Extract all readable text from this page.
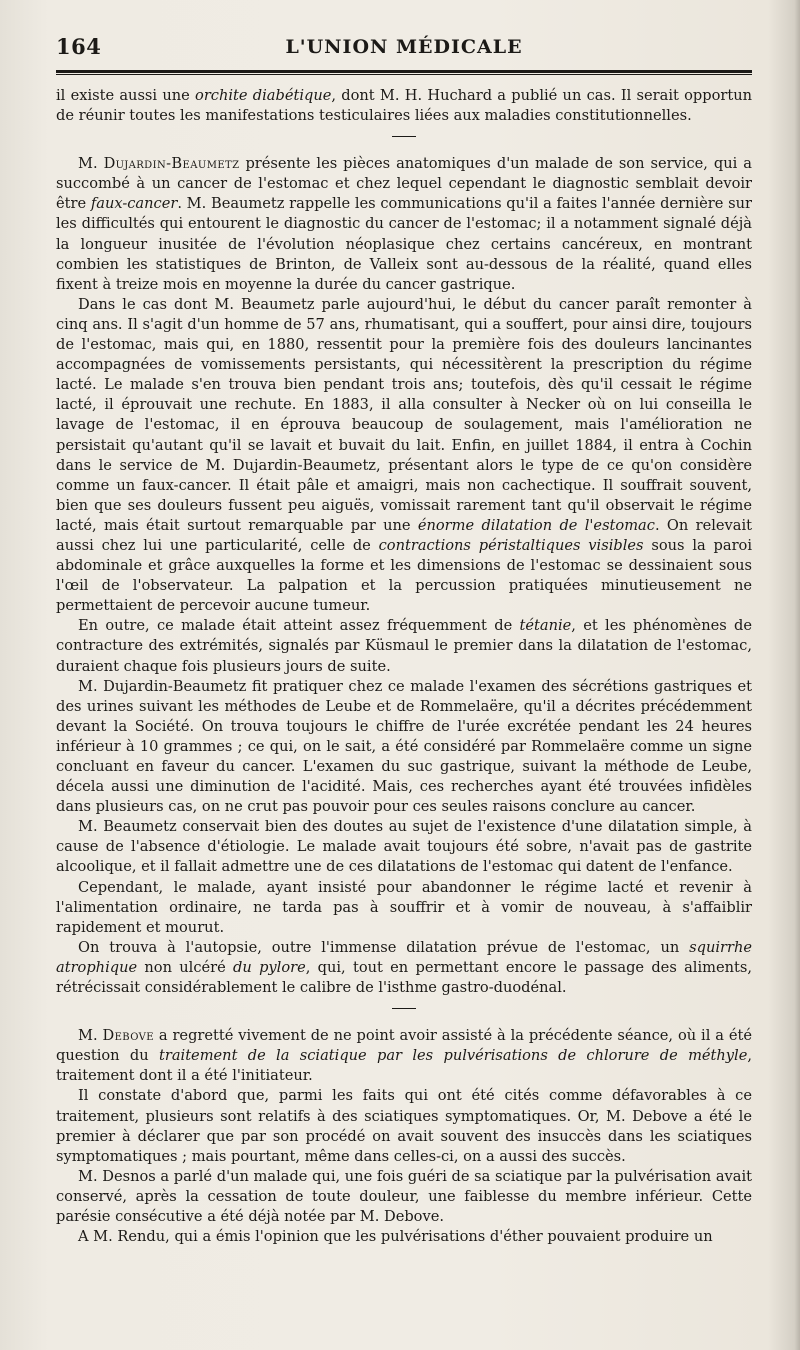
164	L'UNION MÉDICALE

il existe aussi une orchite diabétique, dont M. H. Huchard a publié un cas. Il serait opportun de réunir toutes les manifestations testiculaires liées aux maladies constitutionnelles.

M. Dujardin-Beaumetz présente les pièces anatomiques d'un malade de son service, qui a succombé à un cancer de l'estomac et chez lequel cependant le diagnostic semblait devoir être faux-cancer. M. Beaumetz rappelle les communications qu'il a faites l'année dernière sur les difficultés qui entourent le diagnostic du cancer de l'estomac; il a notamment signalé déjà la longueur inusitée de l'évolution néoplasique chez certains cancéreux, en montrant combien les statistiques de Brinton, de Valleix sont au-dessous de la réalité, quand elles fixent à treize mois en moyenne la durée du cancer gastrique.

Dans le cas dont M. Beaumetz parle aujourd'hui, le début du cancer paraît remonter à cinq ans. Il s'agit d'un homme de 57 ans, rhumatisant, qui a souffert, pour ainsi dire, toujours de l'estomac, mais qui, en 1880, ressentit pour la première fois des douleurs lancinantes accompagnées de vomissements persistants, qui nécessitèrent la prescription du régime lacté. Le malade s'en trouva bien pendant trois ans; toutefois, dès qu'il cessait le régime lacté, il éprouvait une rechute. En 1883, il alla consulter à Necker où on lui conseilla le lavage de l'estomac, il en éprouva beaucoup de soulagement, mais l'amélioration ne persistait qu'autant qu'il se lavait et buvait du lait. Enfin, en juillet 1884, il entra à Cochin dans le service de M. Dujardin-Beaumetz, présentant alors le type de ce qu'on considère comme un faux-cancer. Il était pâle et amaigri, mais non cachectique. Il souffrait souvent, bien que ses douleurs fussent peu aiguës, vomissait rarement tant qu'il observait le régime lacté, mais était surtout remarquable par une énorme dilatation de l'estomac. On relevait aussi chez lui une particularité, celle de contractions péristaltiques visibles sous la paroi abdominale et grâce auxquelles la forme et les dimensions de l'estomac se dessinaient sous l'œil de l'observateur. La palpation et la percussion pratiquées minutieusement ne permettaient de percevoir aucune tumeur.

En outre, ce malade était atteint assez fréquemment de tétanie, et les phénomènes de contracture des extrémités, signalés par Küsmaul le premier dans la dilatation de l'estomac, duraient chaque fois plusieurs jours de suite.

M. Dujardin-Beaumetz fit pratiquer chez ce malade l'examen des sécrétions gastriques et des urines suivant les méthodes de Leube et de Rommelaëre, qu'il a décrites précédemment devant la Société. On trouva toujours le chiffre de l'urée excrétée pendant les 24 heures inférieur à 10 grammes ; ce qui, on le sait, a été considéré par Rommelaëre comme un signe concluant en faveur du cancer. L'examen du suc gastrique, suivant la méthode de Leube, décela aussi une diminution de l'acidité. Mais, ces recherches ayant été trouvées infidèles dans plusieurs cas, on ne crut pas pouvoir pour ces seules raisons conclure au cancer.

M. Beaumetz conservait bien des doutes au sujet de l'existence d'une dilatation simple, à cause de l'absence d'étiologie. Le malade avait toujours été sobre, n'avait pas de gastrite alcoolique, et il fallait admettre une de ces dilatations de l'estomac qui datent de l'enfance.

Cependant, le malade, ayant insisté pour abandonner le régime lacté et revenir à l'alimentation ordinaire, ne tarda pas à souffrir et à vomir de nouveau, à s'affaiblir rapidement et mourut.

On trouva à l'autopsie, outre l'immense dilatation prévue de l'estomac, un squirrhe atrophique non ulcéré du pylore, qui, tout en permettant encore le passage des aliments, rétrécissait considérablement le calibre de l'isthme gastro-duodénal.

M. Debove a regretté vivement de ne point avoir assisté à la précédente séance, où il a été question du traitement de la sciatique par les pulvérisations de chlorure de méthyle, traitement dont il a été l'initiateur.

Il constate d'abord que, parmi les faits qui ont été cités comme défavorables à ce traitement, plusieurs sont relatifs à des sciatiques symptomatiques. Or, M. Debove a été le premier à déclarer que par son procédé on avait souvent des insuccès dans les sciatiques symptomatiques ; mais pourtant, même dans celles-ci, on a aussi des succès.

M. Desnos a parlé d'un malade qui, une fois guéri de sa sciatique par la pulvérisation avait conservé, après la cessation de toute douleur, une faiblesse du membre inférieur. Cette parésie consécutive a été déjà notée par M. Debove.

A M. Rendu, qui a émis l'opinion que les pulvérisations d'éther pouvaient produire un
